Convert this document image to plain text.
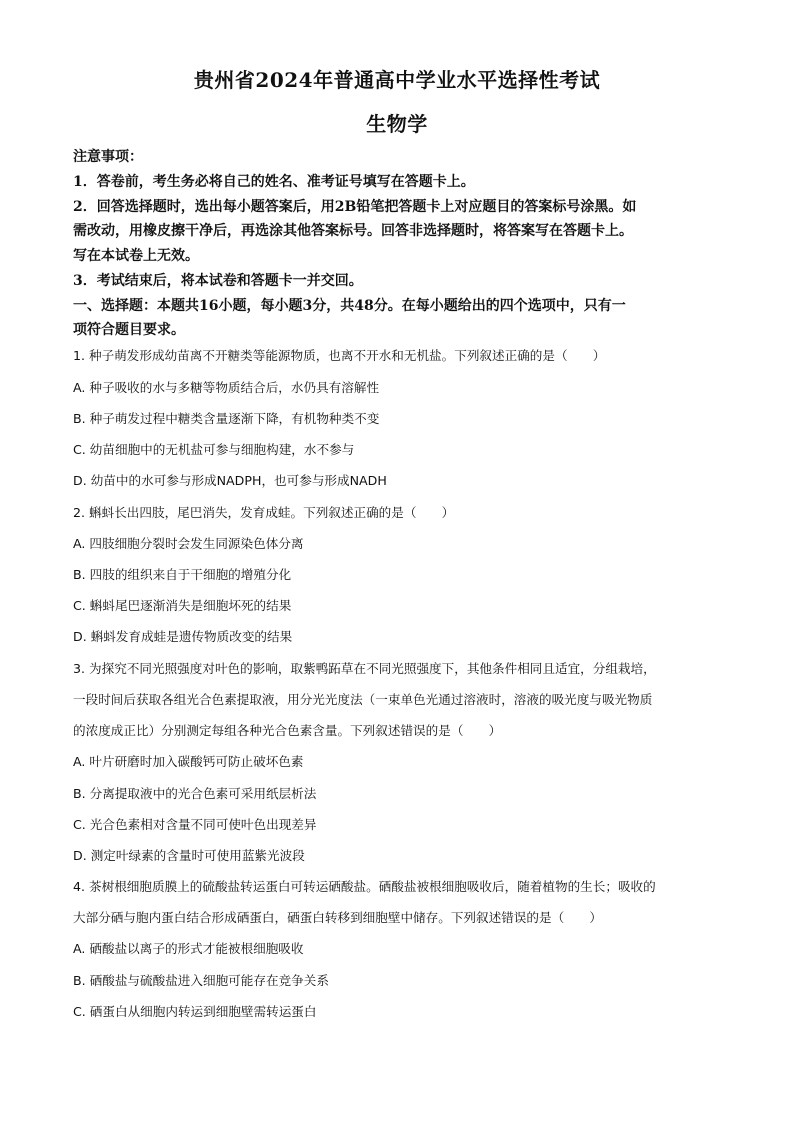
贵州省2024年普通高中学业水平选择性考试
生物学
注意事项：
1．答卷前，考生务必将自己的姓名、准考证号填写在答题卡上。
2．回答选择题时，选出每小题答案后，用2B铅笔把答题卡上对应题目的答案标号涂黑。如
需改动，用橡皮擦干净后，再选涂其他答案标号。回答非选择题时，将答案写在答题卡上。
写在本试卷上无效。
3．考试结束后，将本试卷和答题卡一并交回。
一、选择题：本题共16小题，每小题3分，共48分。在每小题给出的四个选项中，只有一
项符合题目要求。
1. 种子萌发形成幼苗离不开糖类等能源物质，也离不开水和无机盐。下列叙述正确的是（　　）
A. 种子吸收的水与多糖等物质结合后，水仍具有溶解性
B. 种子萌发过程中糖类含量逐渐下降，有机物种类不变
C. 幼苗细胞中的无机盐可参与细胞构建，水不参与
D. 幼苗中的水可参与形成NADPH，也可参与形成NADH
2. 蝌蚪长出四肢，尾巴消失，发育成蛙。下列叙述正确的是（　　）
A. 四肢细胞分裂时会发生同源染色体分离
B. 四肢的组织来自于干细胞的增殖分化
C. 蝌蚪尾巴逐渐消失是细胞坏死的结果
D. 蝌蚪发育成蛙是遗传物质改变的结果
3. 为探究不同光照强度对叶色的影响，取紫鸭跖草在不同光照强度下，其他条件相同且适宜，分组栽培，
一段时间后获取各组光合色素提取液，用分光光度法（一束单色光通过溶液时，溶液的吸光度与吸光物质
的浓度成正比）分别测定每组各种光合色素含量。下列叙述错误的是（　　）
A. 叶片研磨时加入碳酸钙可防止破坏色素
B. 分离提取液中的光合色素可采用纸层析法
C. 光合色素相对含量不同可使叶色出现差异
D. 测定叶绿素的含量时可使用蓝紫光波段
4. 茶树根细胞质膜上的硫酸盐转运蛋白可转运硒酸盐。硒酸盐被根细胞吸收后，随着植物的生长；吸收的
大部分硒与胞内蛋白结合形成硒蛋白，硒蛋白转移到细胞壁中储存。下列叙述错误的是（　　）
A. 硒酸盐以离子的形式才能被根细胞吸收
B. 硒酸盐与硫酸盐进入细胞可能存在竞争关系
C. 硒蛋白从细胞内转运到细胞壁需转运蛋白
